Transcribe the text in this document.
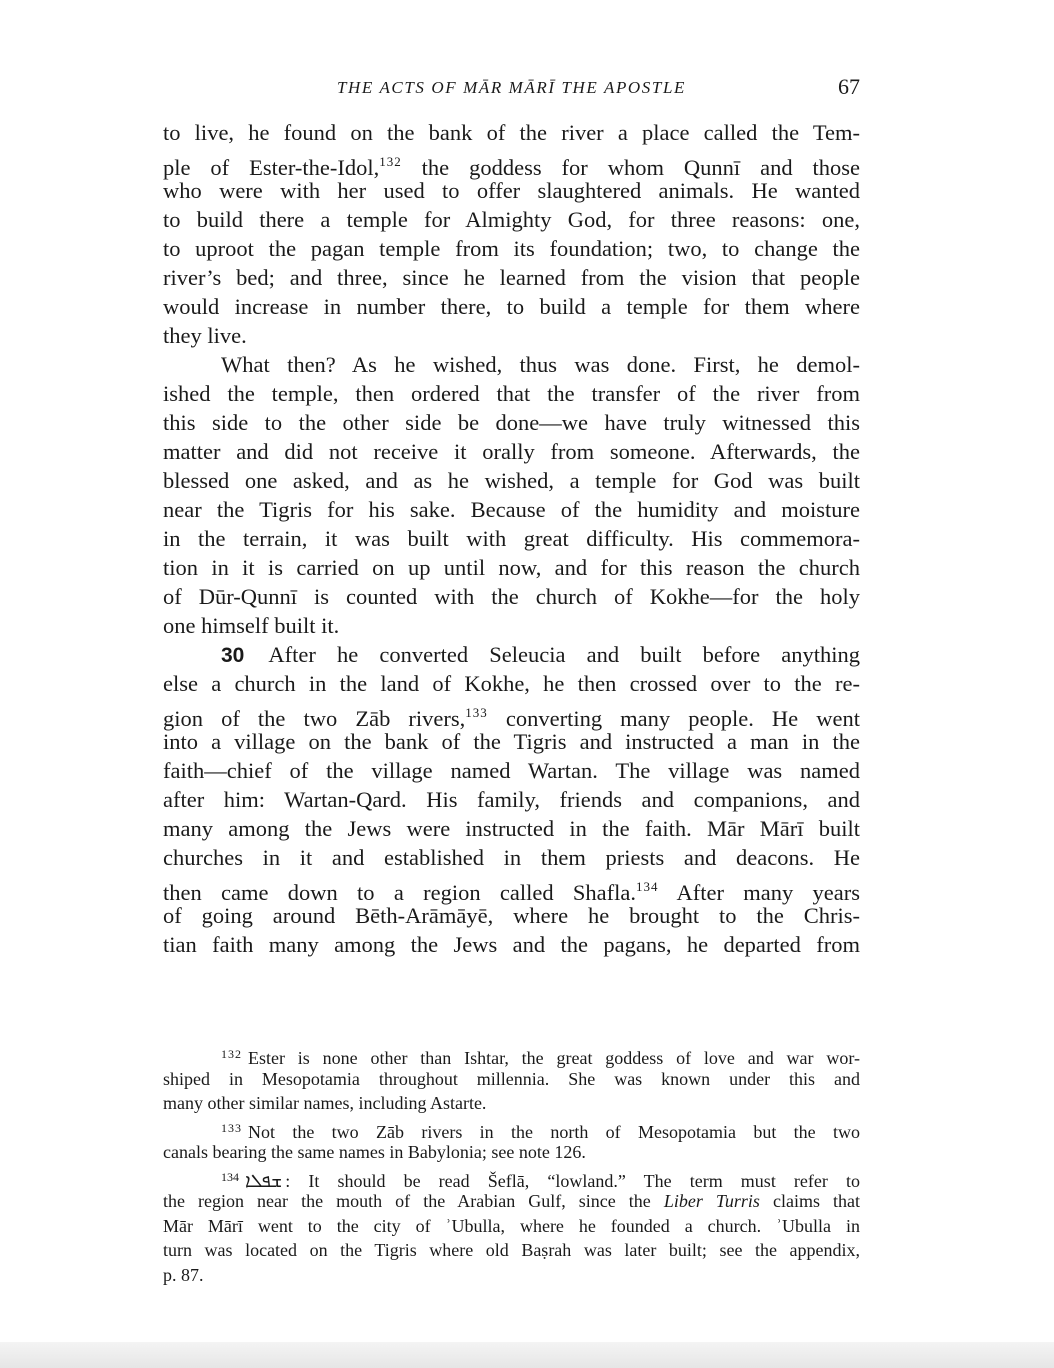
THE ACTS OF MĀR MĀRĪ THE APOSTLE	67
to live, he found on the bank of the river a place called the Tem-
ple of Ester-the-Idol,$^{132}$ the goddess for whom Qunnī and those
who were with her used to offer slaughtered animals. He wanted
to build there a temple for Almighty God, for three reasons: one,
to uproot the pagan temple from its foundation; two, to change the
river’s bed; and three, since he learned from the vision that people
would increase in number there, to build a temple for them where
they live.
What then? As he wished, thus was done. First, he demol-
ished the temple, then ordered that the transfer of the river from
this side to the other side be done—we have truly witnessed this
matter and did not receive it orally from someone. Afterwards, the
blessed one asked, and as he wished, a temple for God was built
near the Tigris for his sake. Because of the humidity and moisture
in the terrain, it was built with great difficulty. His commemora-
tion in it is carried on up until now, and for this reason the church
of Dūr-Qunnī is counted with the church of Kokhe—for the holy
one himself built it.
30 After he converted Seleucia and built before anything
else a church in the land of Kokhe, he then crossed over to the re-
gion of the two Zāb rivers,$^{133}$ converting many people. He went
into a village on the bank of the Tigris and instructed a man in the
faith—chief of the village named Wartan. The village was named
after him: Wartan-Qard. His family, friends and companions, and
many among the Jews were instructed in the faith. Mār Mārī built
churches in it and established in them priests and deacons. He
then came down to a region called Shafla.$^{134}$ After many years
of going around Bēth-Arāmāyē, where he brought to the Chris-
tian faith many among the Jews and the pagans, he departed from
$^{132}$ Ester is none other than Ishtar, the great goddess of love and war wor-
shiped in Mesopotamia throughout millennia. She was known under this and
many other similar names, including Astarte.
$^{133}$ Not the two Zāb rivers in the north of Mesopotamia but the two
canals bearing the same names in Babylonia; see note 126.
$^{134}$ ܫܦܠܐ : It should be read Šeflā, “lowland.” The term must refer to
the region near the mouth of the Arabian Gulf, since the Liber Turris claims that
Mār Mārī went to the city of ʾUbulla, where he founded a church. ʾUbulla in
turn was located on the Tigris where old Baṣrah was later built; see the appendix,
p. 87.
